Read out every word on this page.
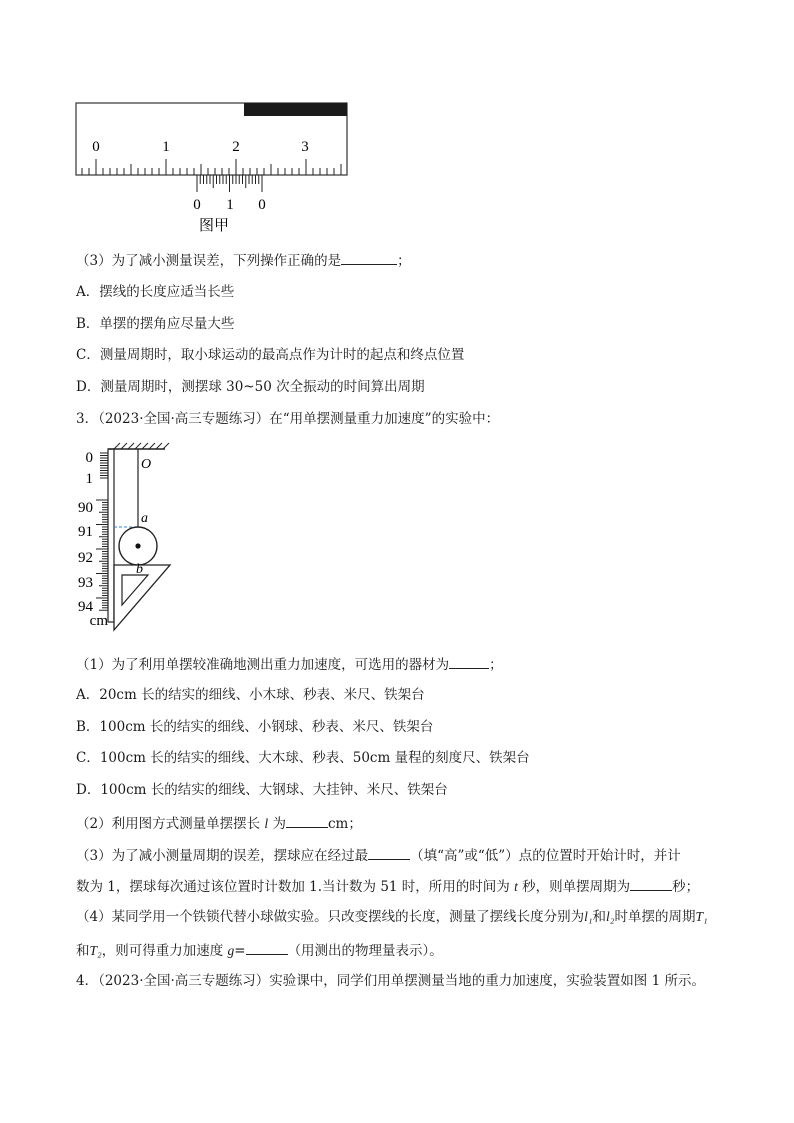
0	1	2	3
0 1 0
图甲
（3）为了减小测量误差，下列操作正确的是	；
A．摆线的长度应适当长些
B．单摆的摆角应尽量大些
C．测量周期时，取小球运动的最高点作为计时的起点和终点位置
D．测量周期时，测摆球 30~50 次全振动的时间算出周期
3．（2023·全国·高三专题练习）在“用单摆测量重力加速度”的实验中：
0
1
90
91
92
93
94
cm
O
a
b
（1）为了利用单摆较准确地测出重力加速度，可选用的器材为	；
A．20cm 长的结实的细线、小木球、秒表、米尺、铁架台
B．100cm 长的结实的细线、小钢球、秒表、米尺、铁架台
C．100cm 长的结实的细线、大木球、秒表、50cm 量程的刻度尺、铁架台
D．100cm 长的结实的细线、大钢球、大挂钟、米尺、铁架台
（2）利用图方式测量单摆摆长 l 为	cm；
（3）为了减小测量周期的误差，摆球应在经过最	（填“高”或“低”）点的位置时开始计时，并计
数为 1，摆球每次通过该位置时计数加 1.当计数为 51 时，所用的时间为 t 秒，则单摆周期为	秒；
（4）某同学用一个铁锁代替小球做实验。只改变摆线的长度，测量了摆线长度分别为l₁和l₂时单摆的周期T₁
和T₂，则可得重力加速度 g=	（用测出的物理量表示）。
4．（2023·全国·高三专题练习）实验课中，同学们用单摆测量当地的重力加速度，实验装置如图 1 所示。
